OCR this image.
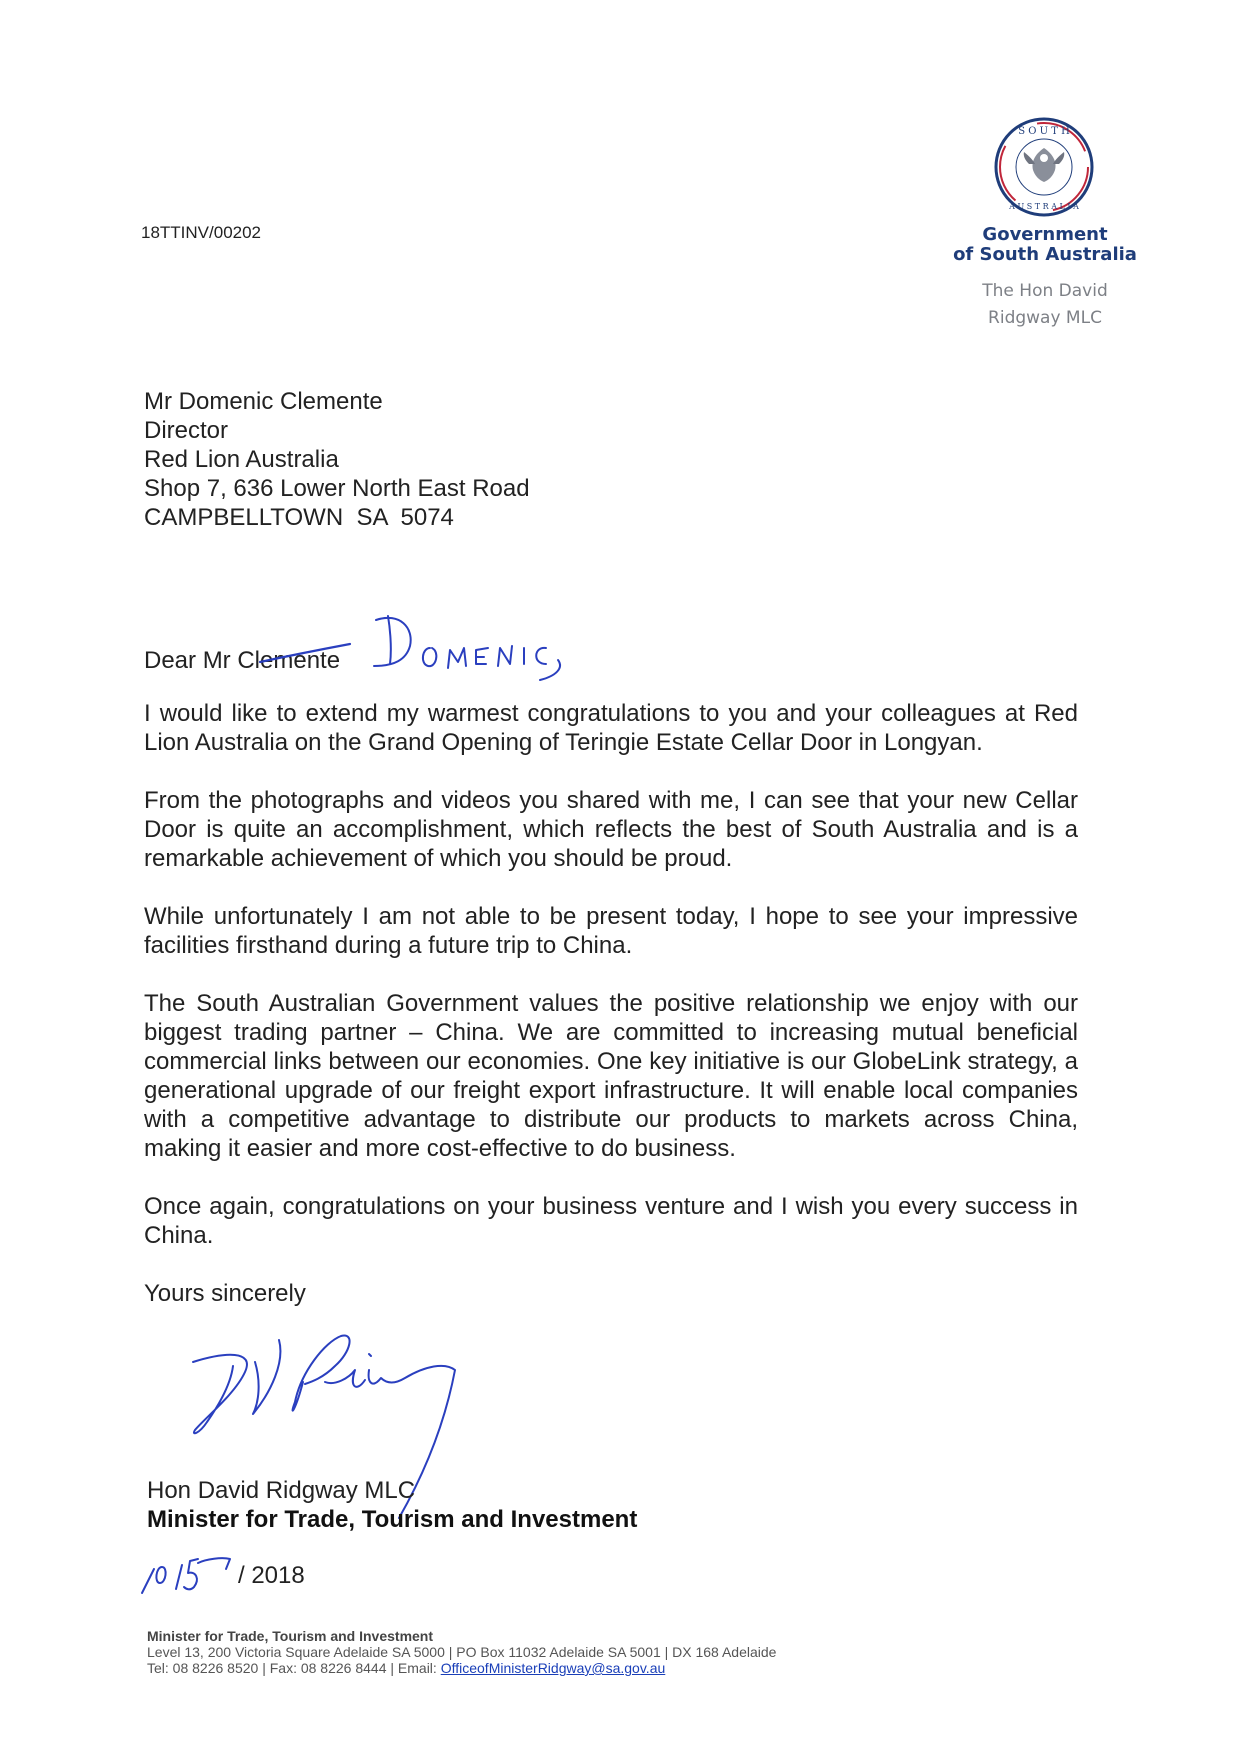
18TTINV/00202
S O U T H
A U S T R A L I A
Government
of South Australia
The Hon David
Ridgway MLC
Mr Domenic Clemente
Director
Red Lion Australia
Shop 7, 636 Lower North East Road
CAMPBELLTOWN  SA  5074
Dear Mr Clemente

I would like to extend my warmest congratulations to you and your colleagues at Red Lion Australia on the Grand Opening of Teringie Estate Cellar Door in Longyan.

From the photographs and videos you shared with me, I can see that your new Cellar Door is quite an accomplishment, which reflects the best of South Australia and is a remarkable achievement of which you should be proud.

While unfortunately I am not able to be present today, I hope to see your impressive facilities firsthand during a future trip to China.

The South Australian Government values the positive relationship we enjoy with our biggest trading partner – China. We are committed to increasing mutual beneficial commercial links between our economies. One key initiative is our GlobeLink strategy, a generational upgrade of our freight export infrastructure. It will enable local companies with a competitive advantage to distribute our products to markets across China, making it easier and more cost-effective to do business.

Once again, congratulations on your business venture and I wish you every success in China.

Yours sincerely

Hon David Ridgway MLC
Minister for Trade, Tourism and Investment
/ 2018
Minister for Trade, Tourism and Investment
Level 13, 200 Victoria Square Adelaide SA 5000 | PO Box 11032 Adelaide SA 5001 | DX 168 Adelaide
Tel: 08 8226 8520 | Fax: 08 8226 8444 | Email: OfficeofMinisterRidgway@sa.gov.au
